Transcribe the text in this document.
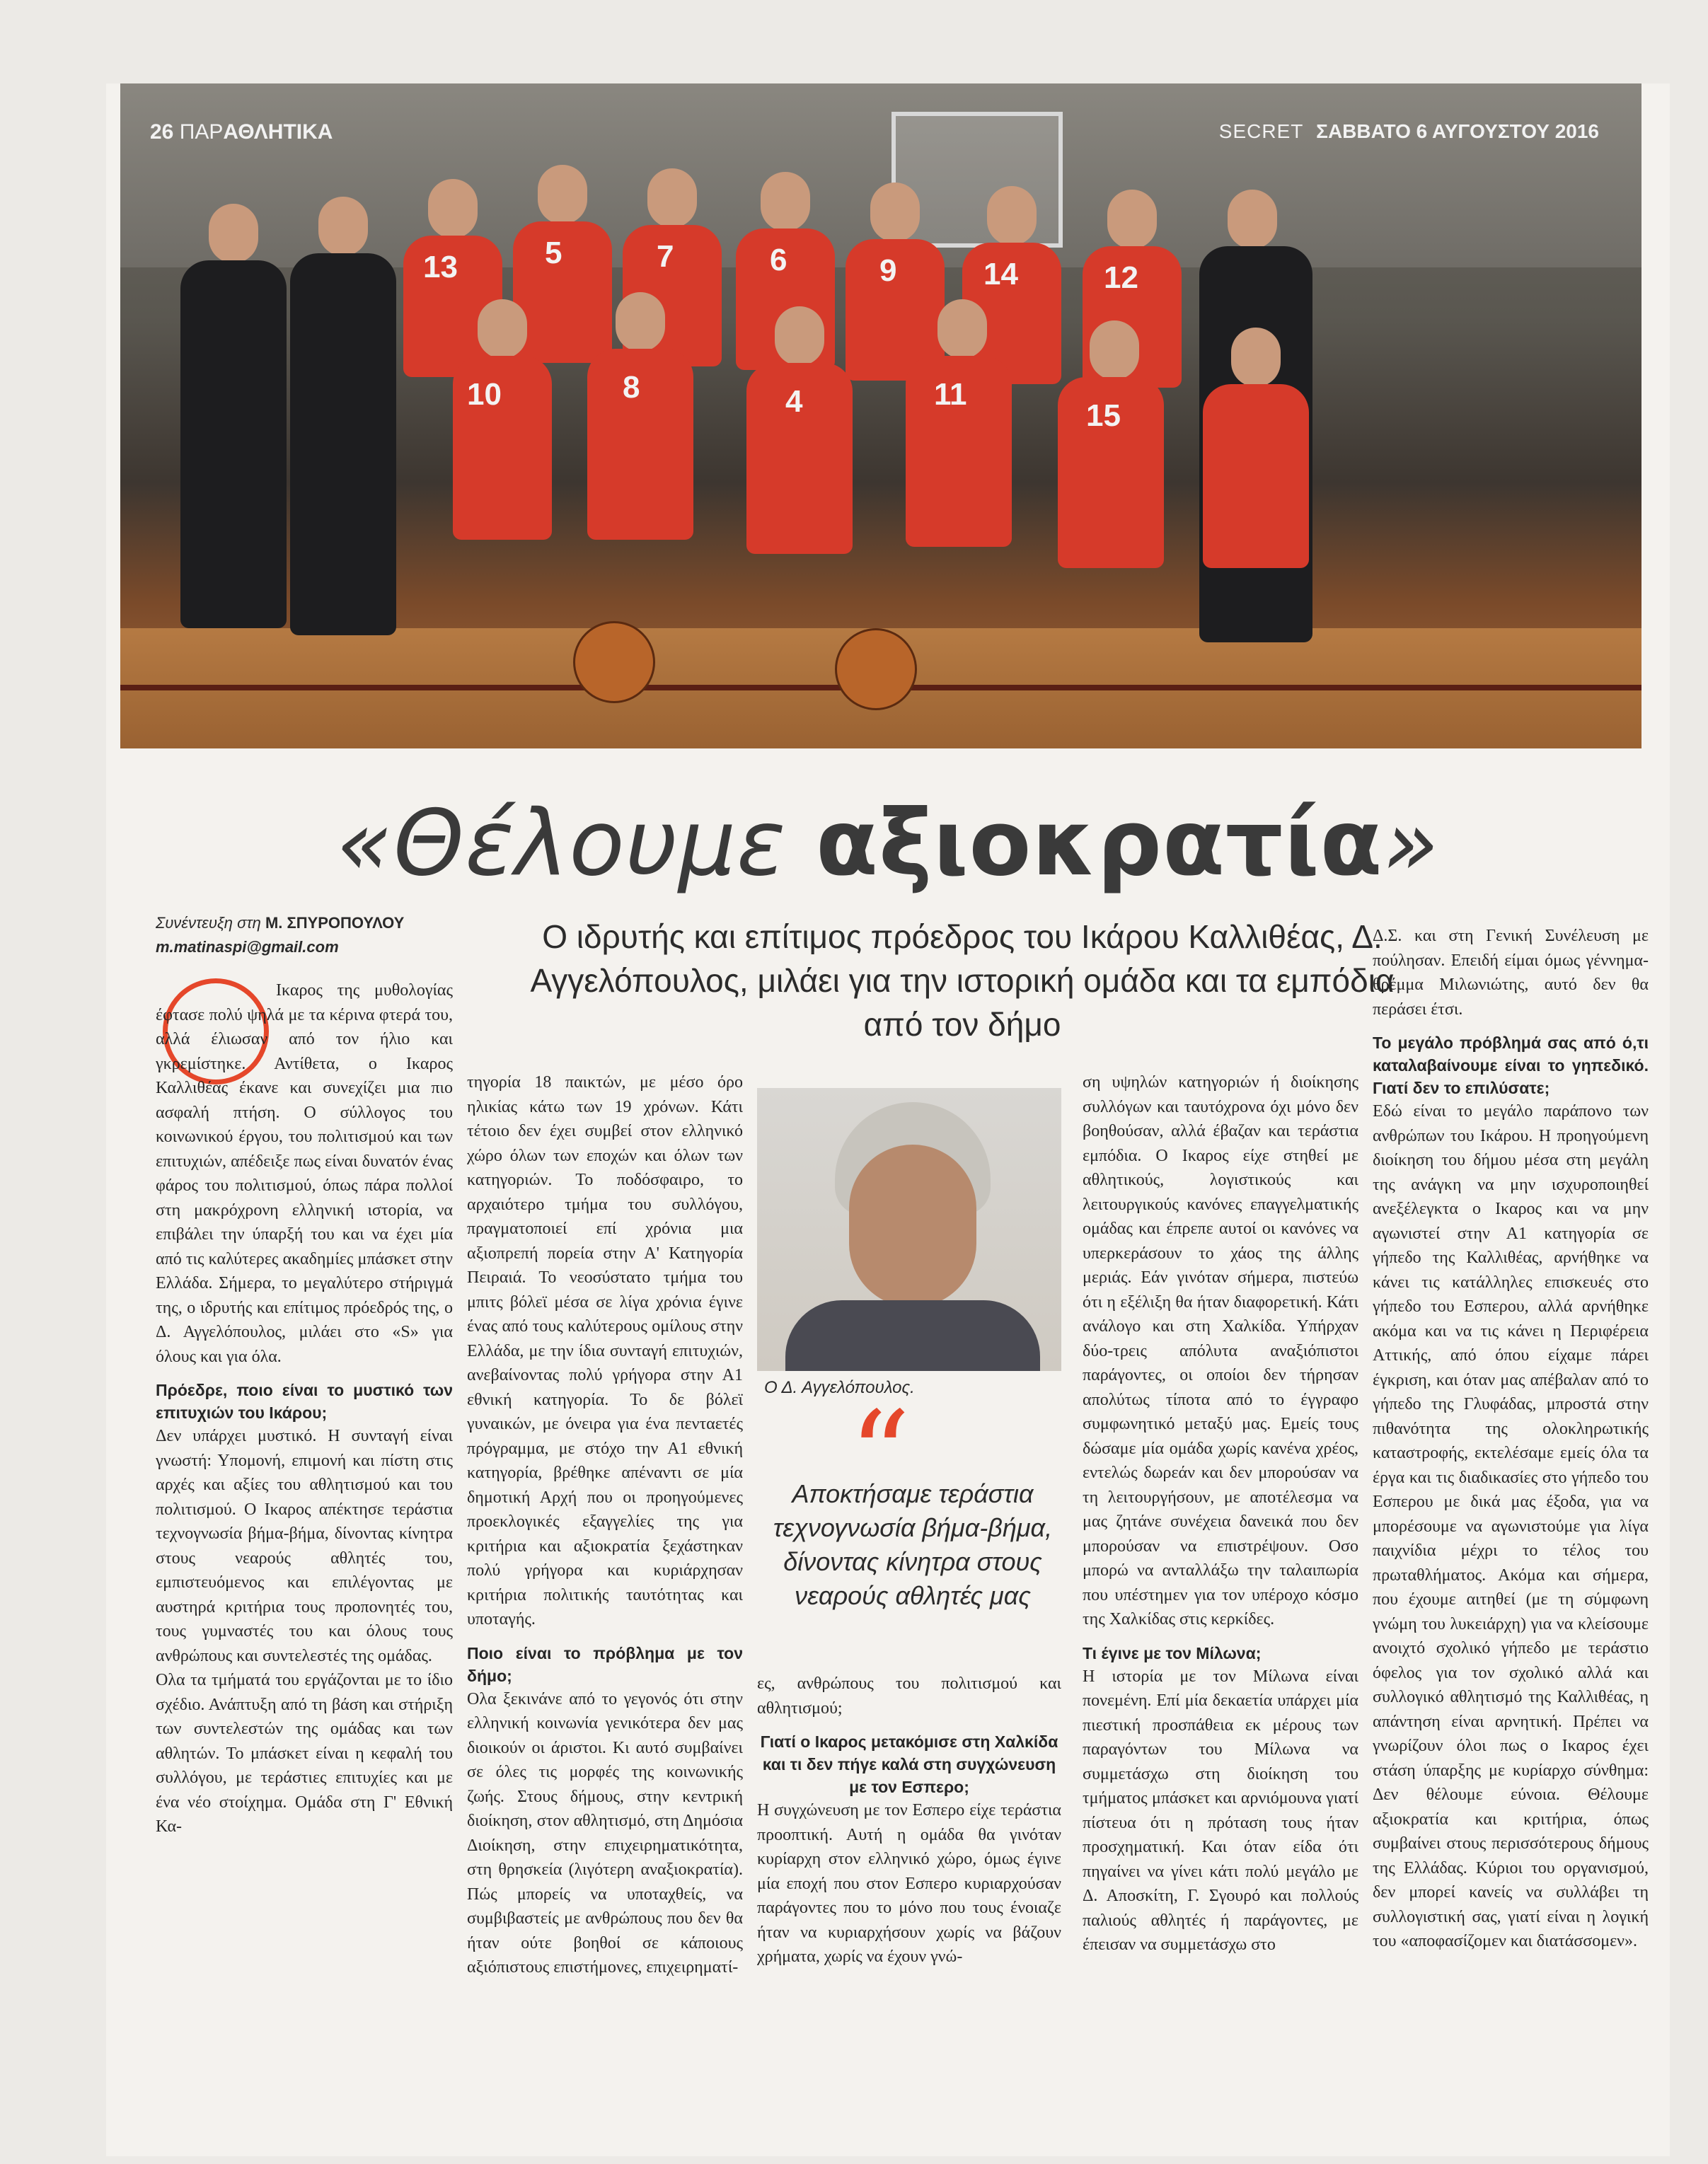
13	5	7	6	9	14	12
10	8	4	11
15
26 ΠΑΡΑΘΛΗΤΙΚΑ	SECRET ΣΑΒΒΑΤΟ 6 ΑΥΓΟΥΣΤΟΥ 2016
«Θέλουμε αξιοκρατία»
Συνέντευξη στη Μ. ΣΠΥΡΟΠΟΥΛΟΥ
m.matinaspi@gmail.com	Ο ιδρυτής και επίτιμος πρόεδρος του Ικάρου Καλλιθέας, Δ. Αγγελόπουλος, μιλάει για την ιστορική ομάδα και τα εμπόδια από τον δήμο

Ικαρος της μυθολογίας έφτασε πολύ ψηλά με τα κέρινα φτερά του, αλλά έλιωσαν από τον ήλιο και γκρεμίστηκε. Αντίθετα, ο Ικαρος Καλλιθέας έκανε και συνεχίζει μια πιο ασφαλή πτήση. Ο σύλλογος του κοινωνικού έργου, του πολιτισμού και των επιτυχιών, απέδειξε πως είναι δυνατόν ένας φάρος του πολιτισμού, όπως πάρα πολλοί στη μακρόχρονη ελληνική ιστορία, να επιβάλει την ύπαρξή του και να έχει μία από τις καλύτερες ακαδημίες μπάσκετ στην Ελλάδα. Σήμερα, το μεγαλύτερο στήριγμά της, ο ιδρυτής και επίτιμος πρόεδρός της, ο Δ. Αγγελόπουλος, μιλάει στο «S» για όλους και για όλα.

Πρόεδρε, ποιο είναι το μυστικό των επιτυχιών του Ικάρου;

Δεν υπάρχει μυστικό. Η συνταγή είναι γνωστή: Υπομονή, επιμονή και πίστη στις αρχές και αξίες του αθλητισμού και του πολιτισμού. Ο Ικαρος απέκτησε τεράστια τεχνογνωσία βήμα-βήμα, δίνοντας κίνητρα στους νεαρούς αθλητές του, εμπιστευόμενος και επιλέγοντας με αυστηρά κριτήρια τους προπονητές του, τους γυμναστές του και όλους τους ανθρώπους και συντελεστές της ομάδας.

Ολα τα τμήματά του εργάζονται με το ίδιο σχέδιο. Ανάπτυξη από τη βάση και στήριξη των συντελεστών της ομάδας και των αθλητών. Το μπάσκετ είναι η κεφαλή του συλλόγου, με τεράστιες επιτυχίες και με ένα νέο στοίχημα. Ομάδα στη Γ' Εθνική Κα-

τηγορία 18 παικτών, με μέσο όρο ηλικίας κάτω των 19 χρόνων. Κάτι τέτοιο δεν έχει συμβεί στον ελληνικό χώρο όλων των εποχών και όλων των κατηγοριών. Το ποδόσφαιρο, το αρχαιότερο τμήμα του συλλόγου, πραγματοποιεί επί χρόνια μια αξιοπρεπή πορεία στην Α' Κατηγορία Πειραιά. Το νεοσύστατο τμήμα του μπιτς βόλεϊ μέσα σε λίγα χρόνια έγινε ένας από τους καλύτερους ομίλους στην Ελλάδα, με την ίδια συνταγή επιτυχιών, ανεβαίνοντας πολύ γρήγορα στην Α1 εθνική κατηγορία. Το δε βόλεϊ γυναικών, με όνειρα για ένα πενταετές πρόγραμμα, με στόχο την Α1 εθνική κατηγορία, βρέθηκε απέναντι σε μία δημοτική Αρχή που οι προηγούμενες προεκλογικές εξαγγελίες της για κριτήρια και αξιοκρατία ξεχάστηκαν πολύ γρήγορα και κυριάρχησαν κριτήρια πολιτικής ταυτότητας και υποταγής.

Ποιο είναι το πρόβλημα με τον δήμο;

Ολα ξεκινάνε από το γεγονός ότι στην ελληνική κοινωνία γενικότερα δεν μας διοικούν οι άριστοι. Κι αυτό συμβαίνει σε όλες τις μορφές της κοινωνικής ζωής. Στους δήμους, στην κεντρική διοίκηση, στον αθλητισμό, στη Δημόσια Διοίκηση, στην επιχειρηματικότητα, στη θρησκεία (λιγότερη αναξιοκρατία). Πώς μπορείς να υποταχθείς, να συμβιβαστείς με ανθρώπους που δεν θα ήταν ούτε βοηθοί σε κάποιους αξιόπιστους επιστήμονες, επιχειρηματί-

Ο Δ. Αγγελόπουλος.
“
Αποκτήσαμε τεράστια τεχνογνωσία βήμα-βήμα, δίνοντας κίνητρα στους νεαρούς αθλητές μας

ες, ανθρώπους του πολιτισμού και αθλητισμού;

Γιατί ο Ικαρος μετακόμισε στη Χαλκίδα και τι δεν πήγε καλά στη συγχώνευση με τον Εσπερο;

Η συγχώνευση με τον Εσπερο είχε τεράστια προοπτική. Αυτή η ομάδα θα γινόταν κυρίαρχη στον ελληνικό χώρο, όμως έγινε μία εποχή που στον Εσπερο κυριαρχούσαν παράγοντες που το μόνο που τους ένοιαζε ήταν να κυριαρχήσουν χωρίς να βάζουν χρήματα, χωρίς να έχουν γνώ-

ση υψηλών κατηγοριών ή διοίκησης συλλόγων και ταυτόχρονα όχι μόνο δεν βοηθούσαν, αλλά έβαζαν και τεράστια εμπόδια. Ο Ικαρος είχε στηθεί με αθλητικούς, λογιστικούς και λειτουργικούς κανόνες επαγγελματικής ομάδας και έπρεπε αυτοί οι κανόνες να υπερκεράσουν το χάος της άλλης μεριάς. Εάν γινόταν σήμερα, πιστεύω ότι η εξέλιξη θα ήταν διαφορετική. Κάτι ανάλογο και στη Χαλκίδα. Υπήρχαν δύο-τρεις απόλυτα αναξιόπιστοι παράγοντες, οι οποίοι δεν τήρησαν απολύτως τίποτα από το έγγραφο συμφωνητικό μεταξύ μας. Εμείς τους δώσαμε μία ομάδα χωρίς κανένα χρέος, εντελώς δωρεάν και δεν μπορούσαν να τη λειτουργήσουν, με αποτέλεσμα να μας ζητάνε συνέχεια δανεικά που δεν μπορούσαν να επιστρέψουν. Οσο μπορώ να ανταλλάξω την ταλαιπωρία που υπέστημεν για τον υπέροχο κόσμο της Χαλκίδας στις κερκίδες.

Τι έγινε με τον Μίλωνα;

Η ιστορία με τον Μίλωνα είναι πονεμένη. Επί μία δεκαετία υπάρχει μία πιεστική προσπάθεια εκ μέρους των παραγόντων του Μίλωνα να συμμετάσχω στη διοίκηση του τμήματος μπάσκετ και αρνιόμουνα γιατί πίστευα ότι η πρόταση τους ήταν προσχηματική. Και όταν είδα ότι πηγαίνει να γίνει κάτι πολύ μεγάλο με Δ. Αποσκίτη, Γ. Σγουρό και πολλούς παλιούς αθλητές ή παράγοντες, με έπεισαν να συμμετάσχω στο

Δ.Σ. και στη Γενική Συνέλευση με πούλησαν. Επειδή είμαι όμως γέννημα- θρέμμα Μιλωνιώτης, αυτό δεν θα περάσει έτσι.

Το μεγάλο πρόβλημά σας από ό,τι καταλαβαίνουμε είναι το γηπεδικό. Γιατί δεν το επιλύσατε;

Εδώ είναι το μεγάλο παράπονο των ανθρώπων του Ικάρου. Η προηγούμενη διοίκηση του δήμου μέσα στη μεγάλη της ανάγκη να μην ισχυροποιηθεί ανεξέλεγκτα ο Ικαρος και να μην αγωνιστεί στην Α1 κατηγορία σε γήπεδο της Καλλιθέας, αρνήθηκε να κάνει τις κατάλληλες επισκευές στο γήπεδο του Εσπερου, αλλά αρνήθηκε ακόμα και να τις κάνει η Περιφέρεια Αττικής, από όπου είχαμε πάρει έγκριση, και όταν μας απέβαλαν από το γήπεδο της Γλυφάδας, μπροστά στην πιθανότητα της ολοκληρωτικής καταστροφής, εκτελέσαμε εμείς όλα τα έργα και τις διαδικασίες στο γήπεδο του Εσπερου με δικά μας έξοδα, για να μπορέσουμε να αγωνιστούμε για λίγα παιχνίδια μέχρι το τέλος του πρωταθλήματος. Ακόμα και σήμερα, που έχουμε αιτηθεί (με τη σύμφωνη γνώμη του λυκειάρχη) για να κλείσουμε ανοιχτό σχολικό γήπεδο με τεράστιο όφελος για τον σχολικό αλλά και συλλογικό αθλητισμό της Καλλιθέας, η απάντηση είναι αρνητική. Πρέπει να γνωρίζουν όλοι πως ο Ικαρος έχει στάση ύπαρξης με κυρίαρχο σύνθημα: Δεν θέλουμε εύνοια. Θέλουμε αξιοκρατία και κριτήρια, όπως συμβαίνει στους περισσότερους δήμους της Ελλάδας. Κύριοι του οργανισμού, δεν μπορεί κανείς να συλλάβει τη συλλογιστική σας, γιατί είναι η λογική του «αποφασίζομεν και διατάσσομεν».
